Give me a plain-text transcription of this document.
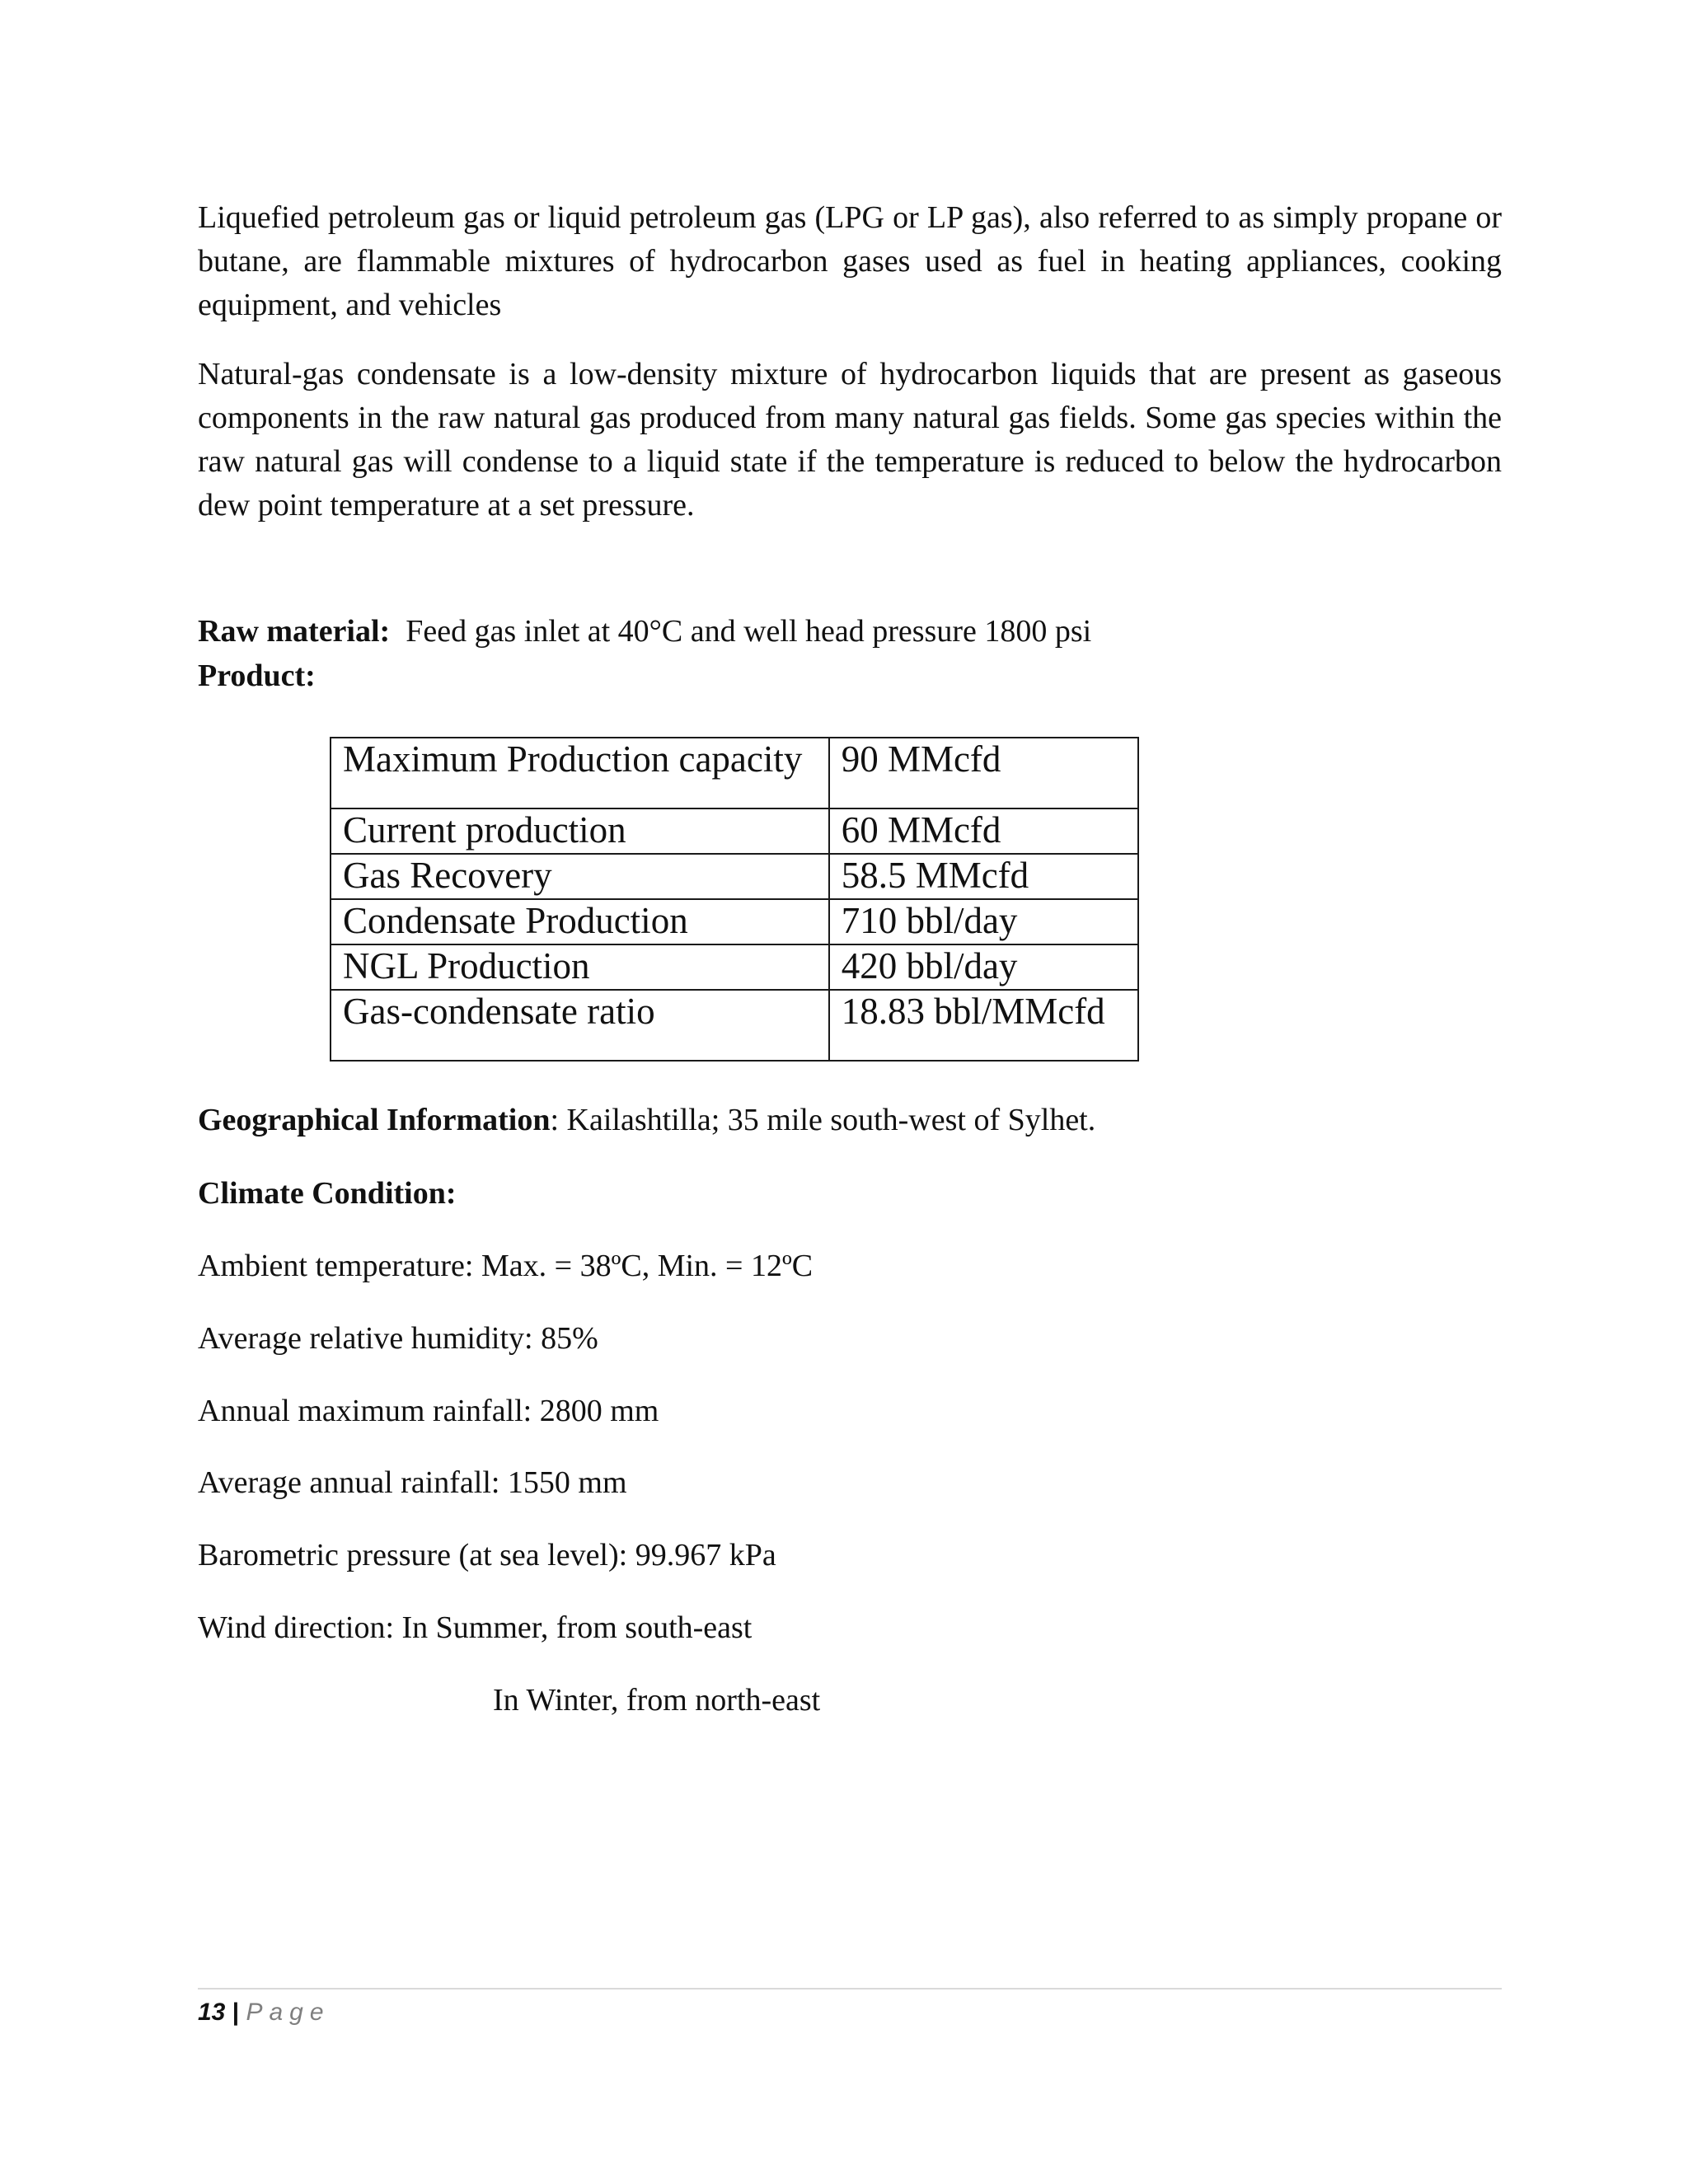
Liquefied petroleum gas or liquid petroleum gas (LPG or LP gas), also referred to as simply propane or butane, are flammable mixtures of hydrocarbon gases used as fuel in heating appliances, cooking equipment, and vehicles

Natural-gas condensate is a low-density mixture of hydrocarbon liquids that are present as gaseous components in the raw natural gas produced from many natural gas fields. Some gas species within the raw natural gas will condense to a liquid state if the temperature is reduced to below the hydrocarbon dew point temperature at a set pressure.

Raw material: Feed gas inlet at 40°C and well head pressure 1800 psi

Product:

Maximum Production capacity	90 MMcfd
Current production	60 MMcfd
Gas Recovery	58.5 MMcfd
Condensate Production	710 bbl/day
NGL Production	420 bbl/day
Gas-condensate ratio	18.83 bbl/MMcfd

Geographical Information: Kailashtilla; 35 mile south-west of Sylhet.

Climate Condition:

Ambient temperature: Max. = 38ºC, Min. = 12ºC

Average relative humidity: 85%

Annual maximum rainfall: 2800 mm

Average annual rainfall: 1550 mm

Barometric pressure (at sea level): 99.967 kPa

Wind direction: In Summer, from south-east

In Winter, from north-east

13 | Page
